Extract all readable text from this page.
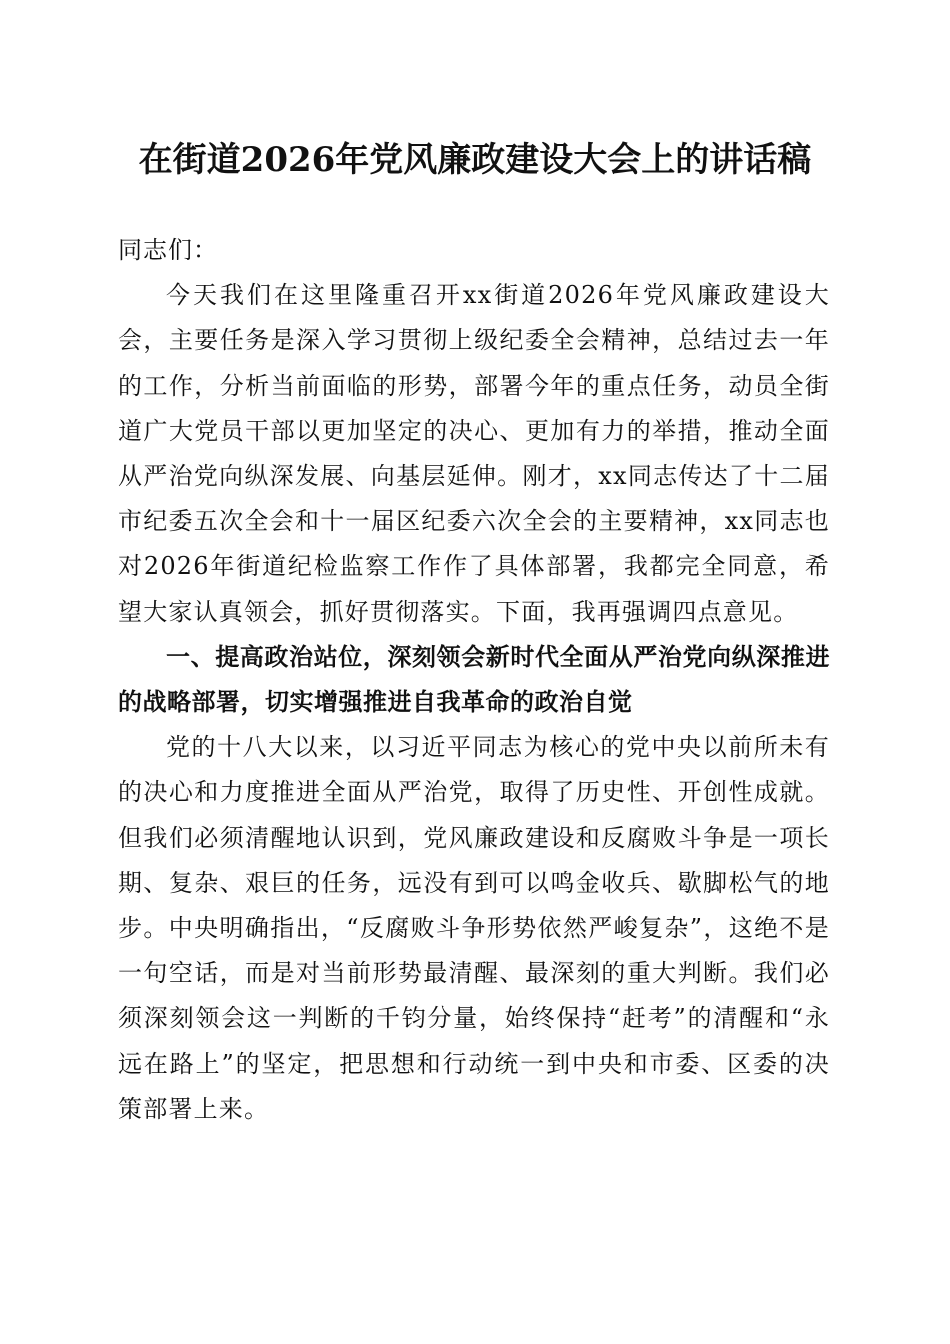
在街道2026年党风廉政建设大会上的讲话稿

同志们：

今天我们在这里隆重召开xx街道2026年党风廉政建设大会，主要任务是深入学习贯彻上级纪委全会精神，总结过去一年的工作，分析当前面临的形势，部署今年的重点任务，动员全街道广大党员干部以更加坚定的决心、更加有力的举措，推动全面从严治党向纵深发展、向基层延伸。刚才，xx同志传达了十二届市纪委五次全会和十一届区纪委六次全会的主要精神，xx同志也对2026年街道纪检监察工作作了具体部署，我都完全同意，希望大家认真领会，抓好贯彻落实。下面，我再强调四点意见。

一、提高政治站位，深刻领会新时代全面从严治党向纵深推进的战略部署，切实增强推进自我革命的政治自觉

党的十八大以来，以习近平同志为核心的党中央以前所未有的决心和力度推进全面从严治党，取得了历史性、开创性成就。但我们必须清醒地认识到，党风廉政建设和反腐败斗争是一项长期、复杂、艰巨的任务，远没有到可以鸣金收兵、歇脚松气的地步。中央明确指出，“反腐败斗争形势依然严峻复杂”，这绝不是一句空话，而是对当前形势最清醒、最深刻的重大判断。我们必须深刻领会这一判断的千钧分量，始终保持“赶考”的清醒和“永远在路上”的坚定，把思想和行动统一到中央和市委、区委的决策部署上来。
